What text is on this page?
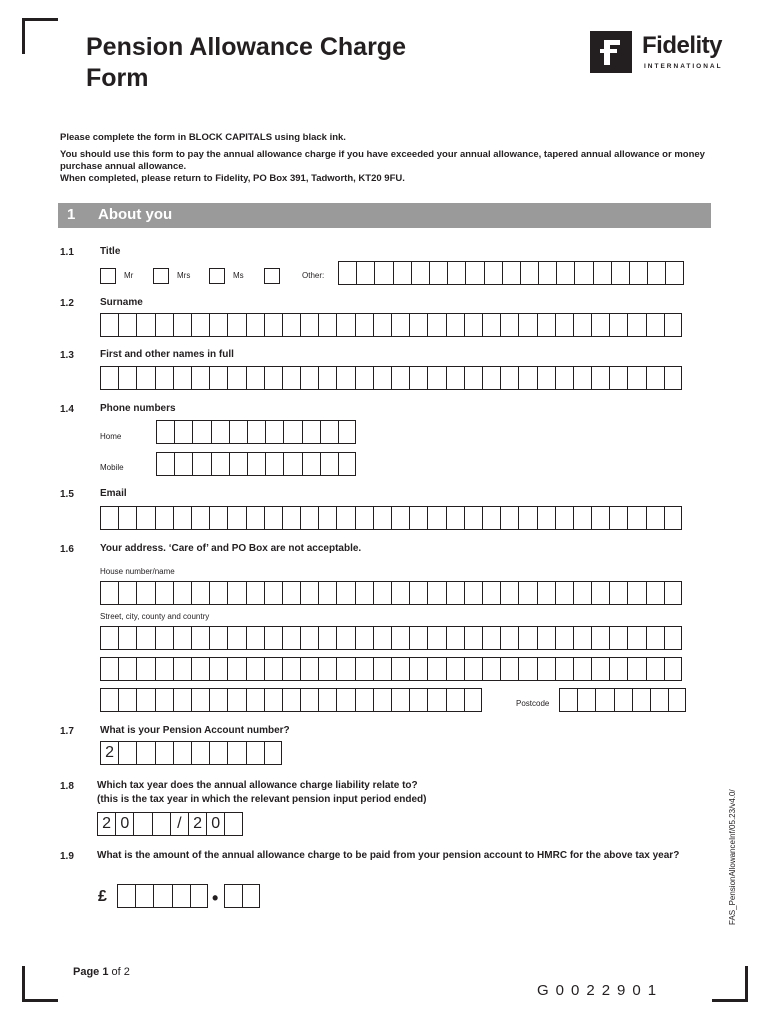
Pension Allowance Charge
Form
Fidelity
INTERNATIONAL
Please complete the form in BLOCK CAPITALS using black ink.
You should use this form to pay the annual allowance charge if you have exceeded your annual allowance, tapered annual allowance or money purchase annual allowance.
When completed, please return to Fidelity, PO Box 391, Tadworth, KT20 9FU.
1 About you
1.1	Title
Mr	Mrs	Ms	Other:
1.2	Surname
1.3	First and other names in full
1.4	Phone numbers
Home
Mobile
1.5	Email
1.6	Your address. ‘Care of’ and PO Box are not acceptable.
House number/name
Street, city, county and country
Postcode
1.7	What is your Pension Account number?
2
1.8 Which tax year does the annual allowance charge liability relate to?
(this is the tax year in which the relevant pension input period ended)
2 0	/ 2 0
1.9 What is the amount of the annual allowance charge to be paid from your pension account to HMRC for the above tax year?
£	•	FAS_PensionAllowanceInf/05.23/v4.0/
Page 1 of 2
G0022901
